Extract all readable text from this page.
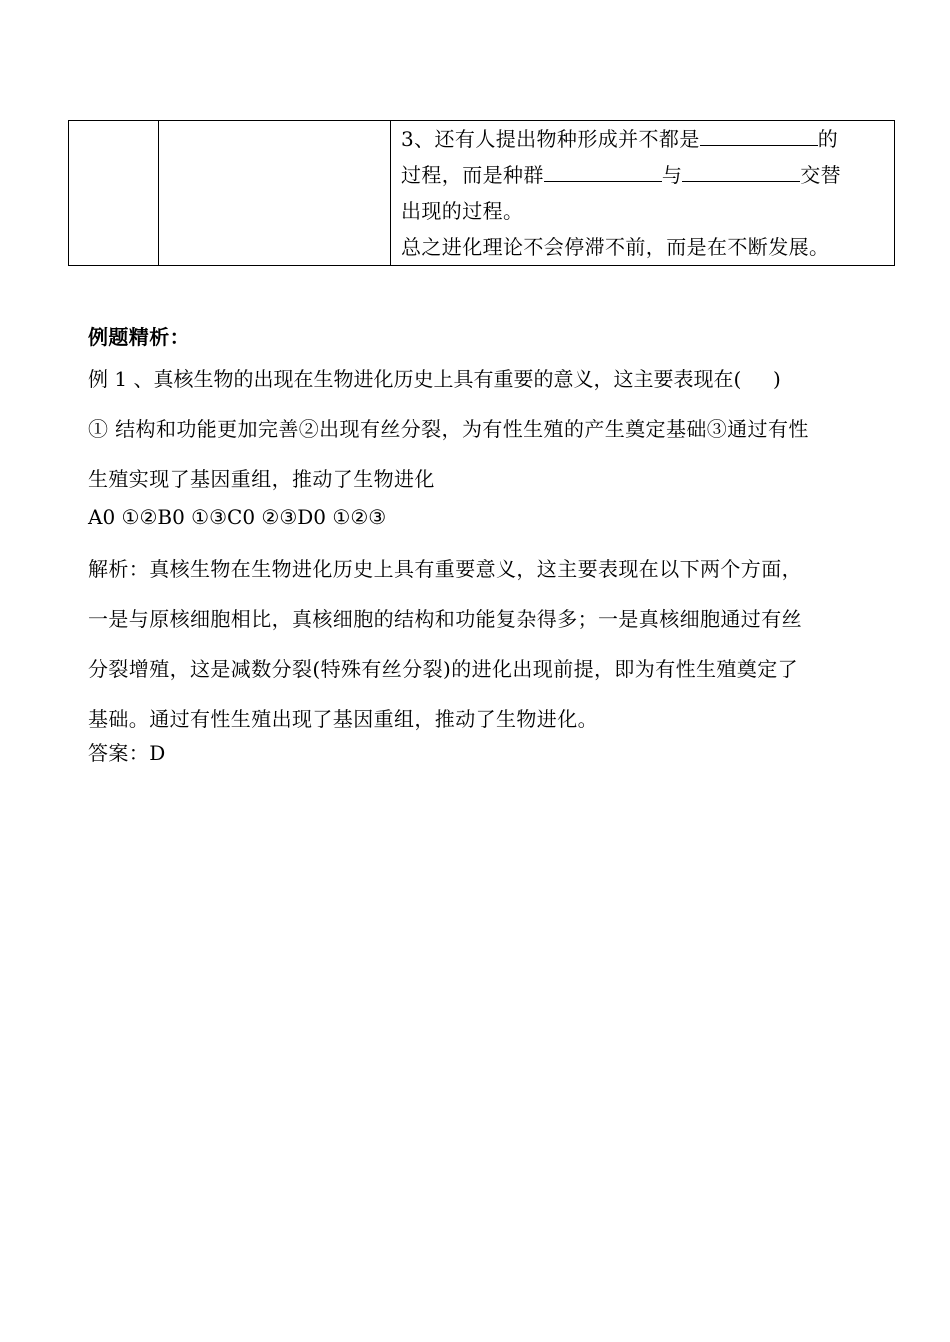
3、还有人提出物种形成并不都是	的

过程，而是种群	与	交替

出现的过程。

总之进化理论不会停滞不前，而是在不断发展。

例题精析：

例 1 、真核生物的出现在生物进化历史上具有重要的意义，这主要表现在(     )

① 结构和功能更加完善②出现有丝分裂，为有性生殖的产生奠定基础③通过有性

生殖实现了基因重组，推动了生物进化

A0 ①②B0 ①③C0 ②③D0 ①②③

解析：真核生物在生物进化历史上具有重要意义，这主要表现在以下两个方面，

一是与原核细胞相比，真核细胞的结构和功能复杂得多；一是真核细胞通过有丝

分裂增殖，这是减数分裂(特殊有丝分裂)的进化出现前提，即为有性生殖奠定了

基础。通过有性生殖出现了基因重组，推动了生物进化。

答案：D
